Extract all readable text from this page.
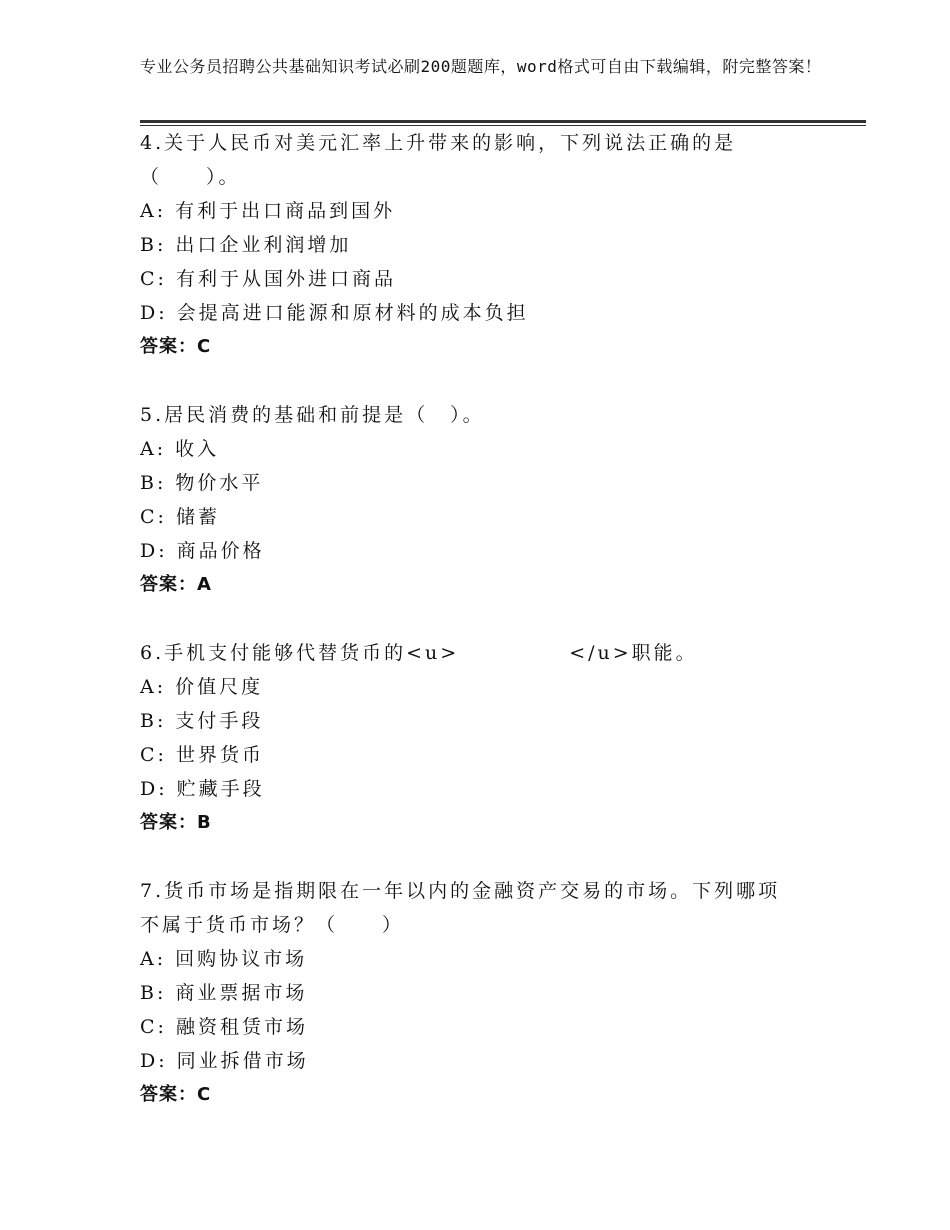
专业公务员招聘公共基础知识考试必刷200题题库，word格式可自由下载编辑，附完整答案！
4.关于人民币对美元汇率上升带来的影响，下列说法正确的是（　　）。
A: 有利于出口商品到国外
B: 出口企业利润增加
C: 有利于从国外进口商品
D: 会提高进口能源和原材料的成本负担
答案：C
5.居民消费的基础和前提是（　）。
A: 收入
B: 物价水平
C: 储蓄
D: 商品价格
答案：A
6.手机支付能够代替货币的<u>　　　　　</u>职能。
A: 价值尺度
B: 支付手段
C: 世界货币
D: 贮藏手段
答案：B
7.货币市场是指期限在一年以内的金融资产交易的市场。下列哪项不属于货币市场？（　　）
A: 回购协议市场
B: 商业票据市场
C: 融资租赁市场
D: 同业拆借市场
答案：C
